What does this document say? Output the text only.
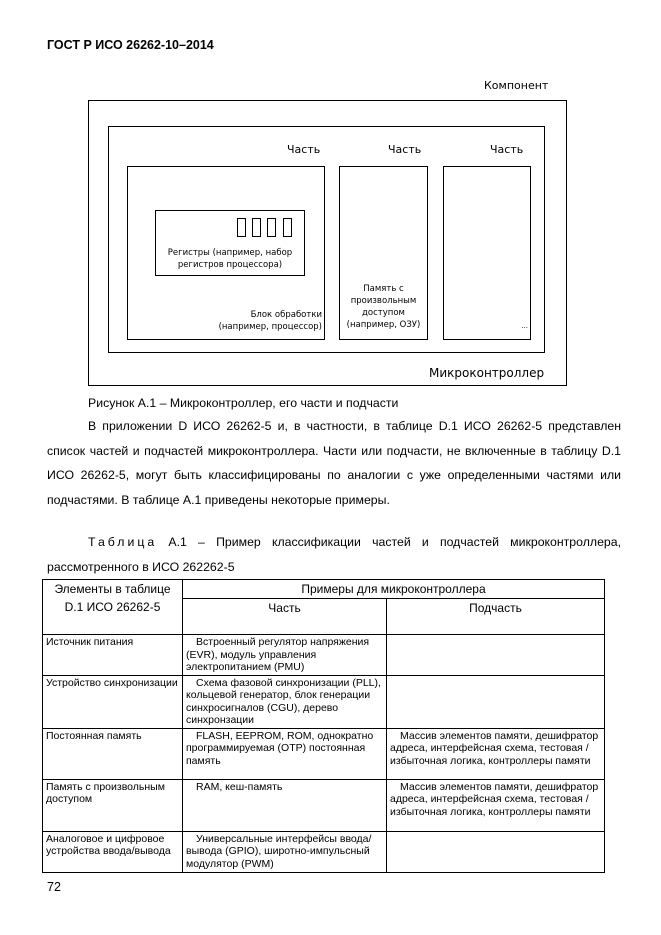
ГОСТ Р ИСО 26262-10–2014
Компонент
Часть	Часть	Часть
Регистры (например, набор
регистров процессора)
Блок обработки
(например, процессор)
Память с
произвольным
доступом
(например, ОЗУ)	...
Микроконтроллер
Рисунок А.1 – Микроконтроллер, его части и подчасти
В приложении D ИСО 26262-5 и, в частности, в таблице D.1 ИСО 26262-5 представлен список частей и подчастей микроконтроллера. Части или подчасти, не включенные в таблицу D.1 ИСО 26262-5, могут быть классифицированы по аналогии с уже определенными частями или подчастями. В таблице А.1 приведены некоторые примеры.
Таблица А.1 – Пример классификации частей и подчастей микроконтроллера, рассмотренного в ИСО 262262-5
Элементы в таблице D.1 ИСО 26262-5	Примеры для микроконтроллера	
	Часть	Подчасть
Источник питания	Встроенный регулятор напряжения (EVR), модуль управления электропитанием (PMU)	
Устройство синхронизации	Схема фазовой синхронизации (PLL), кольцевой генератор, блок генерации синхросигналов (CGU), дерево синхронзации	
Постоянная память	FLASH, EEPROM, ROM, однократно программируемая (OTP) постоянная память	Массив элементов памяти, дешифратор адреса, интерфейсная схема, тестовая / избыточная логика, контроллеры памяти
Память с произвольным доступом	RAM, кеш-память	Массив элементов памяти, дешифратор адреса, интерфейсная схема, тестовая / избыточная логика, контроллеры памяти
Аналоговое и цифровое устройства ввода/вывода	Универсальные интерфейсы ввода/вывода (GPIO), широтно-импульсный модулятор (PWM)	
72
